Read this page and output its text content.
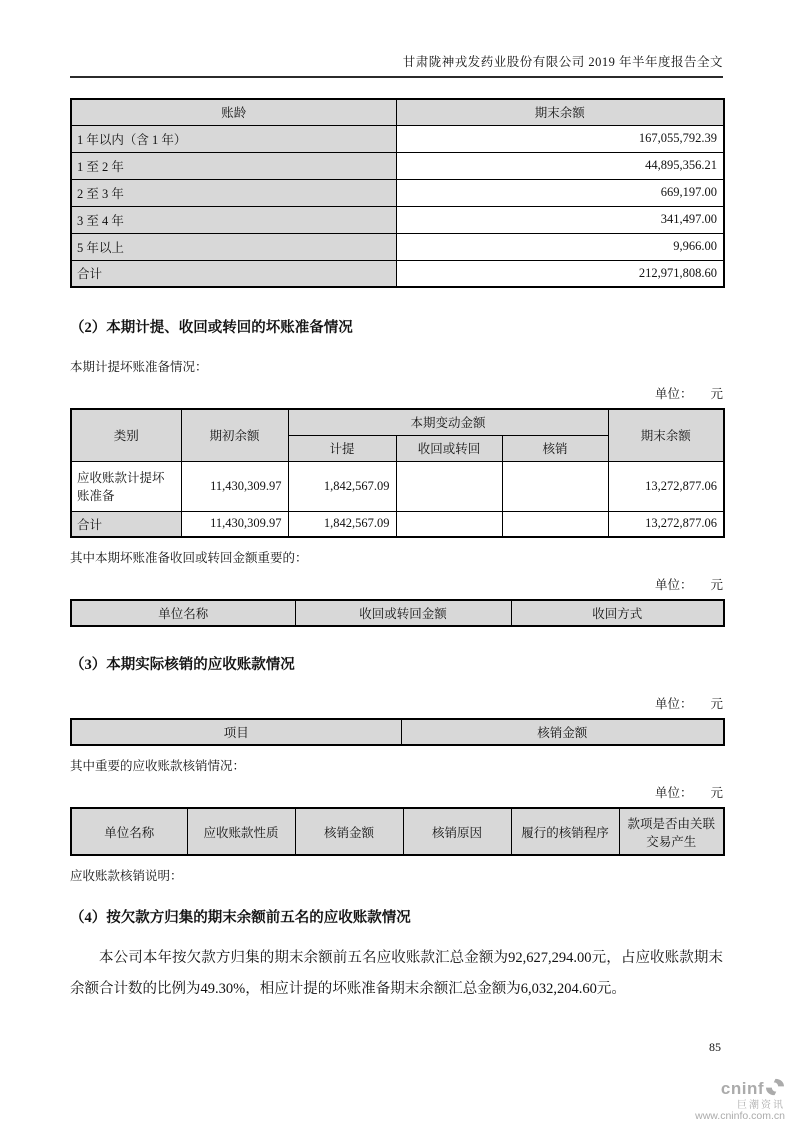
甘肃陇神戎发药业股份有限公司 2019 年半年度报告全文
账龄	期末余额
1 年以内（含 1 年）	167,055,792.39
1 至 2 年	44,895,356.21
2 至 3 年	669,197.00
3 至 4 年	341,497.00
5 年以上	9,966.00
合计	212,971,808.60
（2）本期计提、收回或转回的坏账准备情况
本期计提坏账准备情况：
单位： 元
类别	期初余额	本期变动金额			期末余额
		计提	收回或转回	核销	
应收账款计提坏账准备	11,430,309.97	1,842,567.09			13,272,877.06
合计	11,430,309.97	1,842,567.09			13,272,877.06
其中本期坏账准备收回或转回金额重要的：
单位： 元
单位名称	收回或转回金额	收回方式
（3）本期实际核销的应收账款情况
单位： 元
项目	核销金额
其中重要的应收账款核销情况：
单位： 元
单位名称	应收账款性质	核销金额	核销原因	履行的核销程序	款项是否由关联交易产生
应收账款核销说明：
（4）按欠款方归集的期末余额前五名的应收账款情况
本公司本年按欠款方归集的期末余额前五名应收账款汇总金额为92,627,294.00元，占应收账款期末余额合计数的比例为49.30%，相应计提的坏账准备期末余额汇总金额为6,032,204.60元。
85
cninf
巨潮资讯
www.cninfo.com.cn
